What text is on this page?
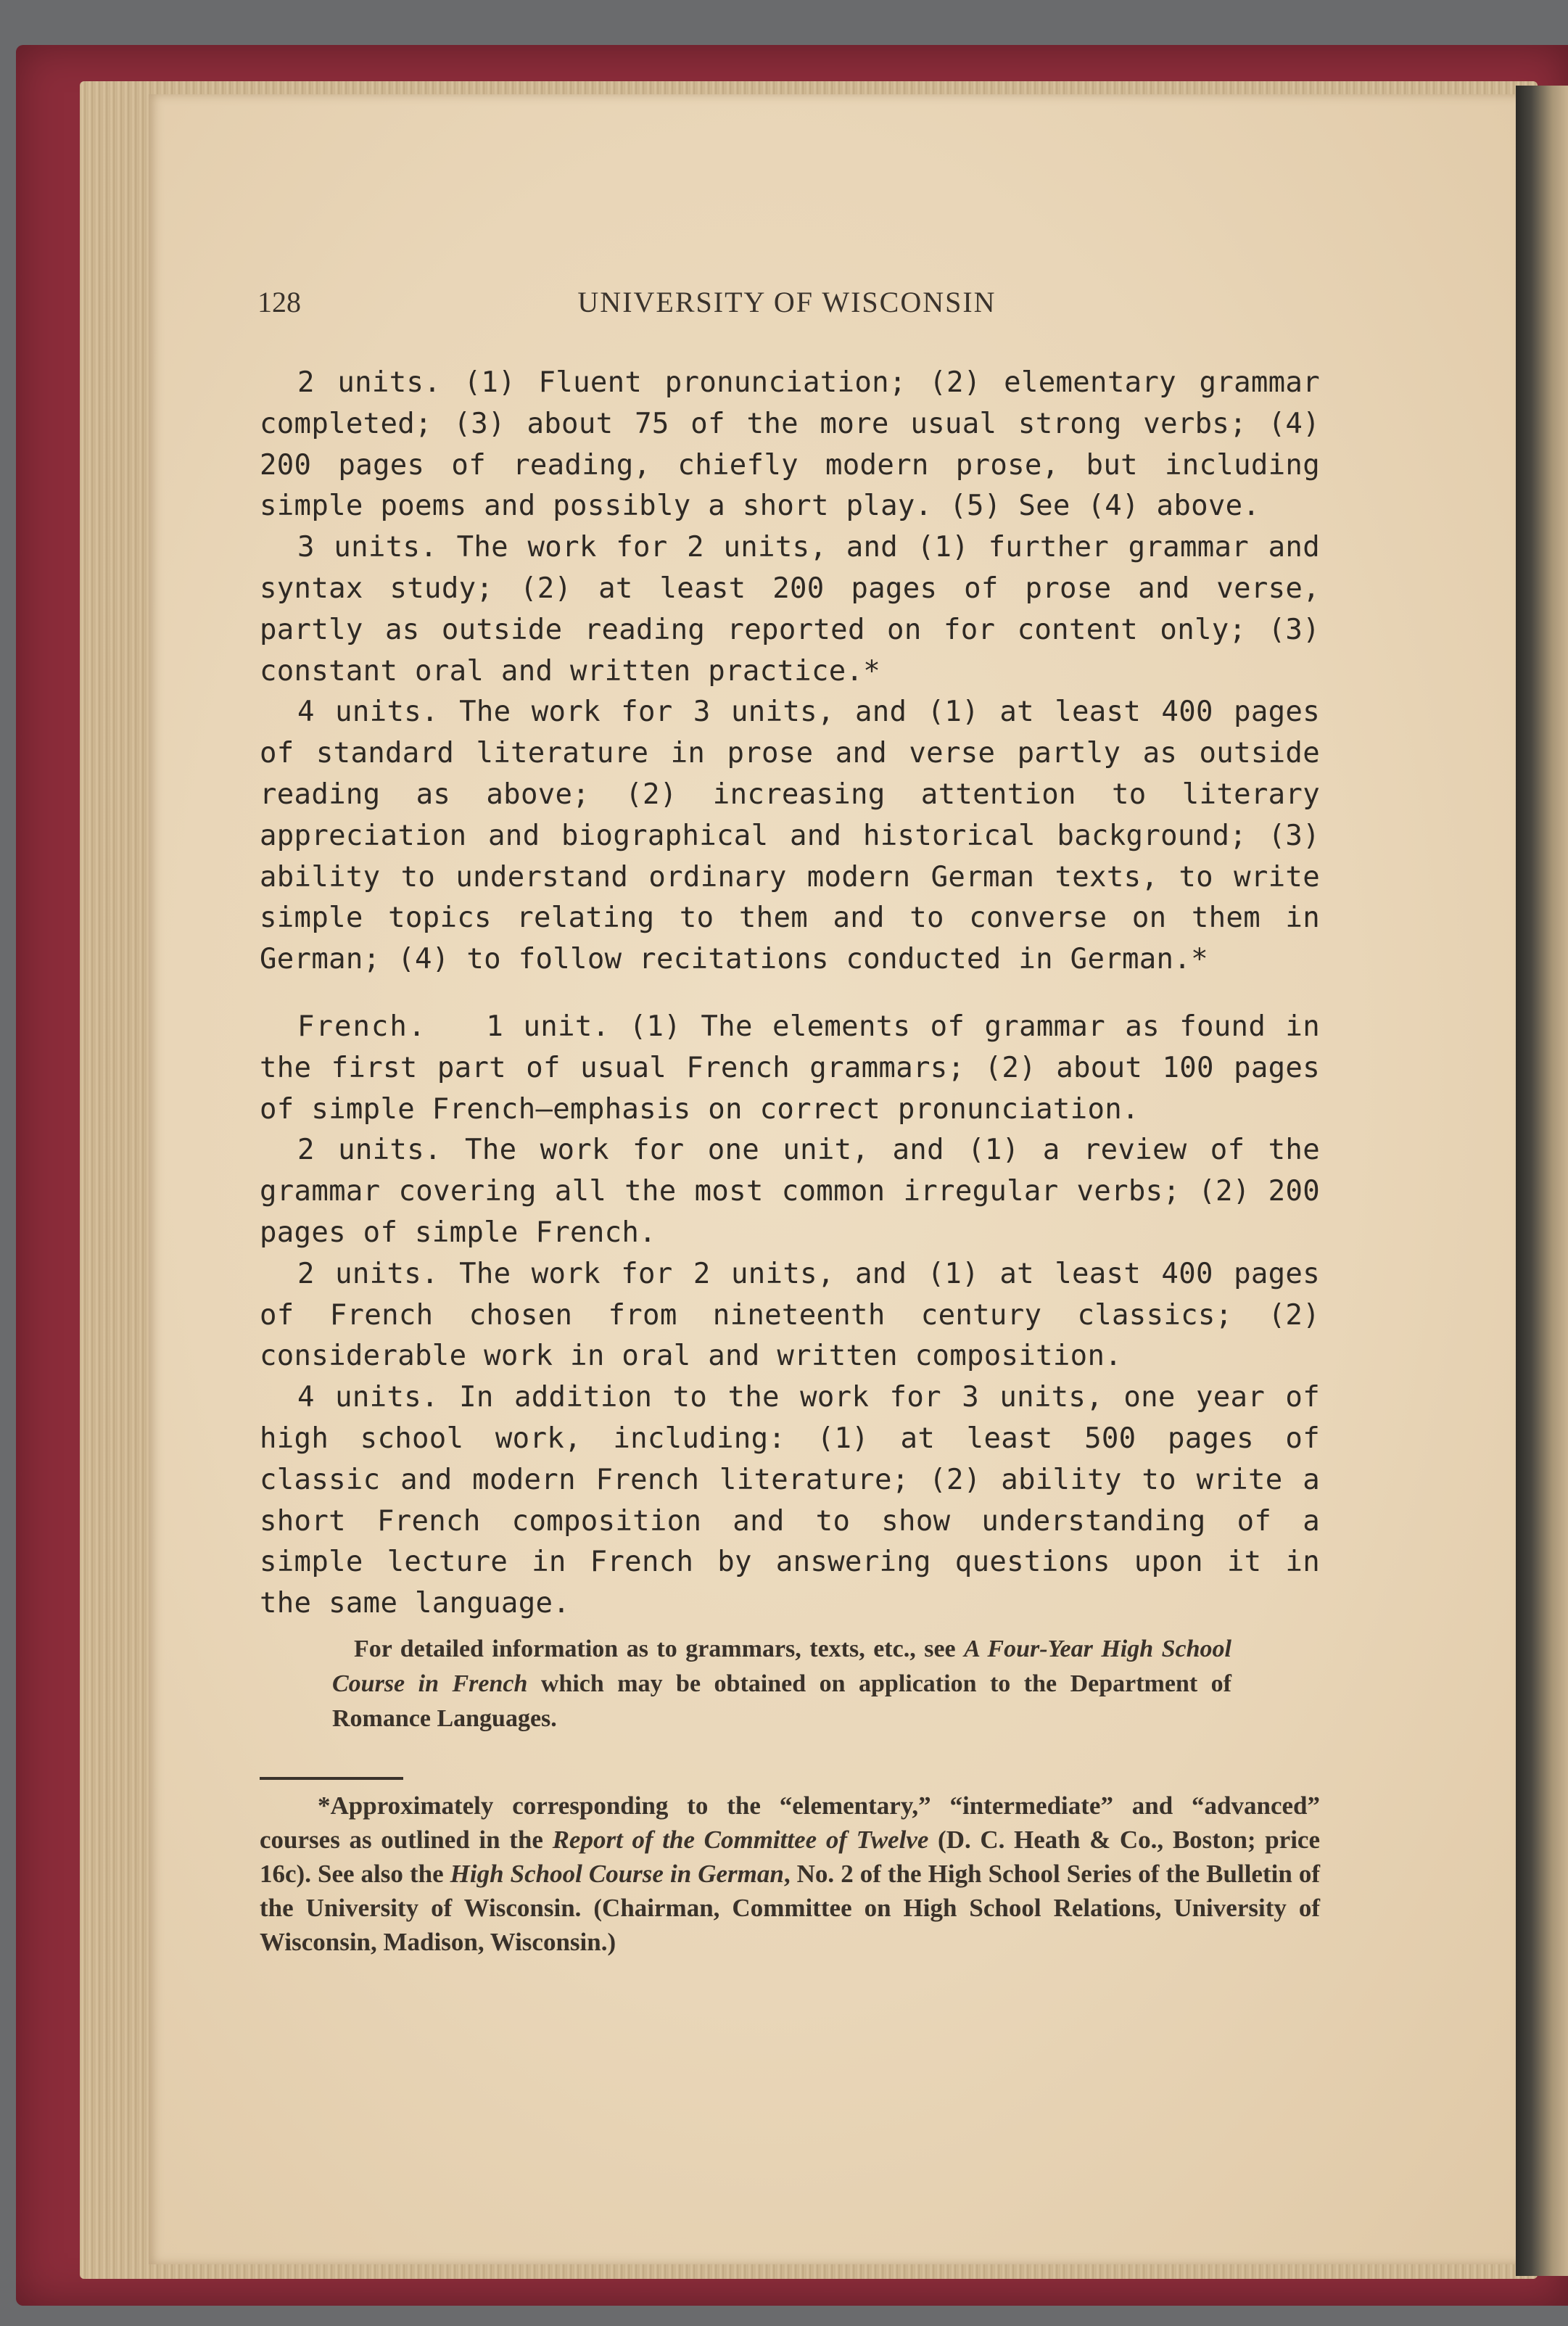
128	UNIVERSITY OF WISCONSIN

2 units. (1) Fluent pronunciation; (2) elementary grammar completed; (3) about 75 of the more usual strong verbs; (4) 200 pages of reading, chiefly modern prose, but including simple poems and possibly a short play. (5) See (4) above.

3 units. The work for 2 units, and (1) further grammar and syntax study; (2) at least 200 pages of prose and verse, partly as outside reading reported on for content only; (3) constant oral and written practice.*

4 units. The work for 3 units, and (1) at least 400 pages of standard literature in prose and verse partly as outside reading as above; (2) increasing attention to literary appreciation and biographical and historical background; (3) ability to understand ordinary modern German texts, to write simple topics relating to them and to converse on them in German; (4) to follow recitations conducted in German.*

French. 1 unit. (1) The elements of grammar as found in the first part of usual French grammars; (2) about 100 pages of simple French—emphasis on correct pronunciation.

2 units. The work for one unit, and (1) a review of the grammar covering all the most common irregular verbs; (2) 200 pages of simple French.

2 units. The work for 2 units, and (1) at least 400 pages of French chosen from nineteenth century classics; (2) considerable work in oral and written composition.

4 units. In addition to the work for 3 units, one year of high school work, including: (1) at least 500 pages of classic and modern French literature; (2) ability to write a short French composition and to show understanding of a simple lecture in French by answering questions upon it in the same language.

For detailed information as to grammars, texts, etc., see A Four-Year High School Course in French which may be obtained on application to the Department of Romance Languages.

*Approximately corresponding to the “elementary,” “intermediate” and “advanced” courses as outlined in the Report of the Committee of Twelve (D. C. Heath & Co., Boston; price 16c). See also the High School Course in German, No. 2 of the High School Series of the Bulletin of the University of Wisconsin. (Chairman, Committee on High School Relations, University of Wisconsin, Madison, Wisconsin.)
